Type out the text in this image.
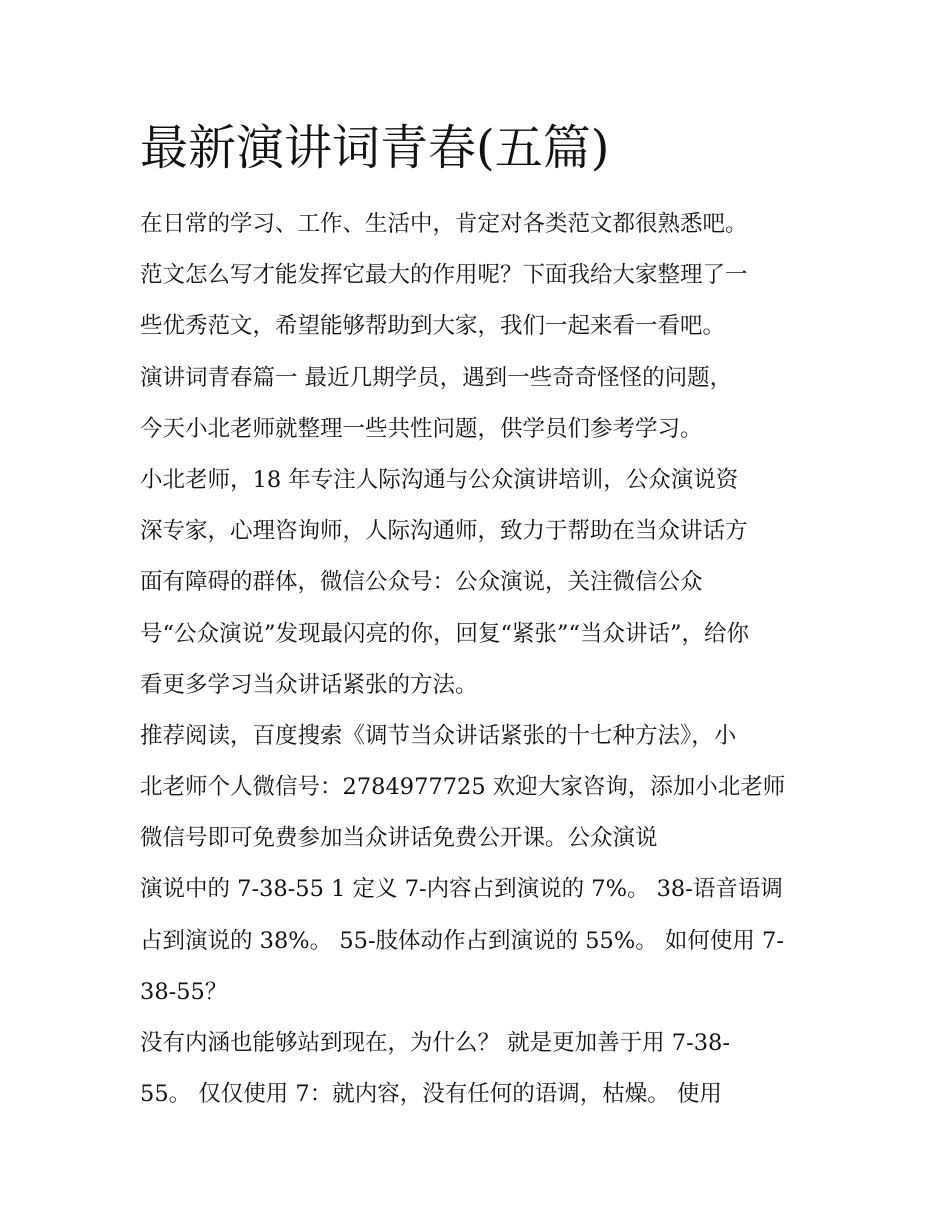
最新演讲词青春(五篇)

在日常的学习、工作、生活中，肯定对各类范文都很熟悉吧。

范文怎么写才能发挥它最大的作用呢？下面我给大家整理了一

些优秀范文，希望能够帮助到大家，我们一起来看一看吧。

演讲词青春篇一 最近几期学员，遇到一些奇奇怪怪的问题，

今天小北老师就整理一些共性问题，供学员们参考学习。

小北老师，18 年专注人际沟通与公众演讲培训，公众演说资

深专家，心理咨询师，人际沟通师，致力于帮助在当众讲话方

面有障碍的群体，微信公众号：公众演说，关注微信公众

号“公众演说”发现最闪亮的你，回复“紧张”“当众讲话”，给你

看更多学习当众讲话紧张的方法。

推荐阅读，百度搜索《调节当众讲话紧张的十七种方法》，小

北老师个人微信号：2784977725 欢迎大家咨询，添加小北老师

微信号即可免费参加当众讲话免费公开课。公众演说

演说中的 7-38-55 1 定义 7-内容占到演说的 7%。 38-语音语调

占到演说的 38%。 55-肢体动作占到演说的 55%。 如何使用 7-

38-55？

没有内涵也能够站到现在，为什么？ 就是更加善于用 7-38-

55。 仅仅使用 7：就内容，没有任何的语调，枯燥。 使用
